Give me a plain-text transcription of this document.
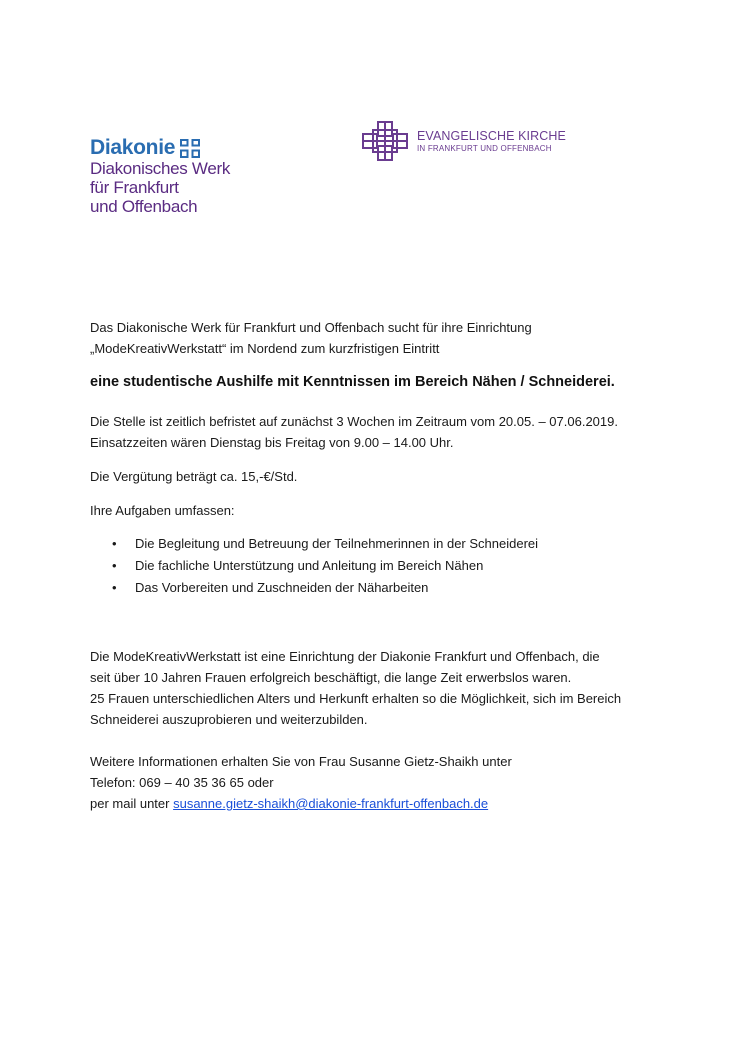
Diakonie
Diakonisches Werk
für Frankfurt
und Offenbach
EVANGELISCHE KIRCHE
IN FRANKFURT UND OFFENBACH
Das Diakonische Werk für Frankfurt und Offenbach sucht für ihre Einrichtung
„ModeKreativWerkstatt“ im Nordend zum kurzfristigen Eintritt
eine studentische Aushilfe mit Kenntnissen im Bereich Nähen / Schneiderei.
Die Stelle ist zeitlich befristet auf zunächst 3 Wochen im Zeitraum vom 20.05. – 07.06.2019.
Einsatzzeiten wären Dienstag bis Freitag von 9.00 – 14.00 Uhr.
Die Vergütung beträgt ca. 15,-€/Std.
Ihre Aufgaben umfassen:
• Die Begleitung und Betreuung der Teilnehmerinnen in der Schneiderei
• Die fachliche Unterstützung und Anleitung im Bereich Nähen
• Das Vorbereiten und Zuschneiden der Näharbeiten
Die ModeKreativWerkstatt ist eine Einrichtung der Diakonie Frankfurt und Offenbach, die
seit über 10 Jahren Frauen erfolgreich beschäftigt, die lange Zeit erwerbslos waren.
25 Frauen unterschiedlichen Alters und Herkunft erhalten so die Möglichkeit, sich im Bereich
Schneiderei auszuprobieren und weiterzubilden.
Weitere Informationen erhalten Sie von Frau Susanne Gietz-Shaikh unter
Telefon: 069 – 40 35 36 65 oder
per mail unter susanne.gietz-shaikh@diakonie-frankfurt-offenbach.de
